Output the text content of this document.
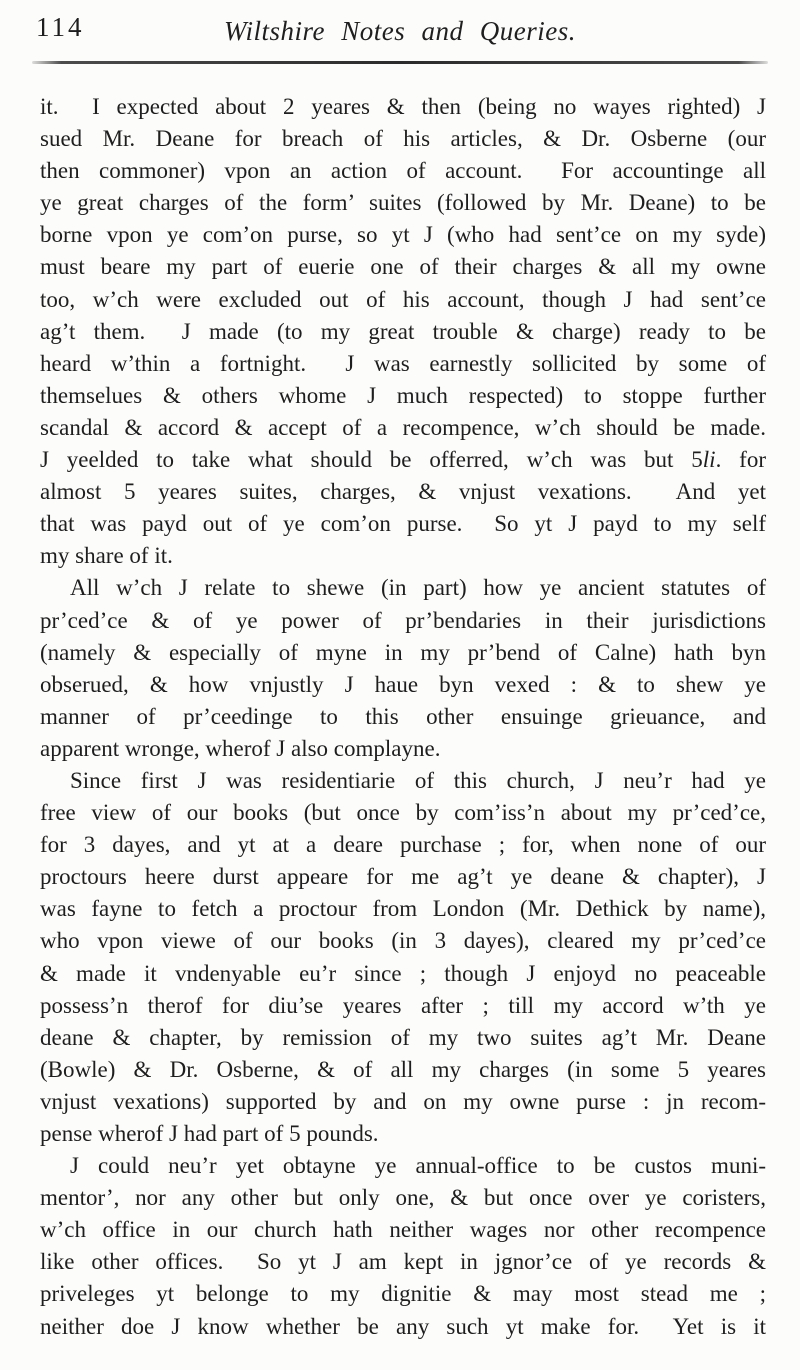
114	Wiltshire Notes and Queries.
it.  I expected about 2 yeares & then (being no wayes righted) J
sued Mr. Deane for breach of his articles, & Dr. Osberne (our
then commoner) vpon an action of account.  For accountinge all
ye great charges of the form’ suites (followed by Mr. Deane) to be
borne vpon ye com’on purse, so yt J (who had sent’ce on my syde)
must beare my part of euerie one of their charges & all my owne
too, w’ch were excluded out of his account, though J had sent’ce
ag’t them.  J made (to my great trouble & charge) ready to be
heard w’thin a fortnight.  J was earnestly sollicited by some of
themselues & others whome J much respected) to stoppe further
scandal & accord & accept of a recompence, w’ch should be made.
J yeelded to take what should be offerred, w’ch was but 5li. for
almost 5 yeares suites, charges, & vnjust vexations.  And yet
that was payd out of ye com’on purse.  So yt J payd to my self
my share of it.
All w’ch J relate to shewe (in part) how ye ancient statutes of
pr’ced’ce & of ye power of pr’bendaries in their jurisdictions
(namely & especially of myne in my pr’bend of Calne) hath byn
obserued, & how vnjustly J haue byn vexed : & to shew ye
manner of pr’ceedinge to this other ensuinge grieuance, and
apparent wronge, wherof J also complayne.
Since first J was residentiarie of this church, J neu’r had ye
free view of our books (but once by com’iss’n about my pr’ced’ce,
for 3 dayes, and yt at a deare purchase ; for, when none of our
proctours heere durst appeare for me ag’t ye deane & chapter), J
was fayne to fetch a proctour from London (Mr. Dethick by name),
who vpon viewe of our books (in 3 dayes), cleared my pr’ced’ce
& made it vndenyable eu’r since ; though J enjoyd no peaceable
possess’n therof for diu’se yeares after ; till my accord w’th ye
deane & chapter, by remission of my two suites ag’t Mr. Deane
(Bowle) & Dr. Osberne, & of all my charges (in some 5 yeares
vnjust vexations) supported by and on my owne purse : jn recom-
pense wherof J had part of 5 pounds.
J could neu’r yet obtayne ye annual-office to be custos muni-
mentor’, nor any other but only one, & but once over ye coristers,
w’ch office in our church hath neither wages nor other recompence
like other offices.  So yt J am kept in jgnor’ce of ye records &
priveleges yt belonge to my dignitie & may most stead me ;
neither doe J know whether be any such yt make for.  Yet is it
